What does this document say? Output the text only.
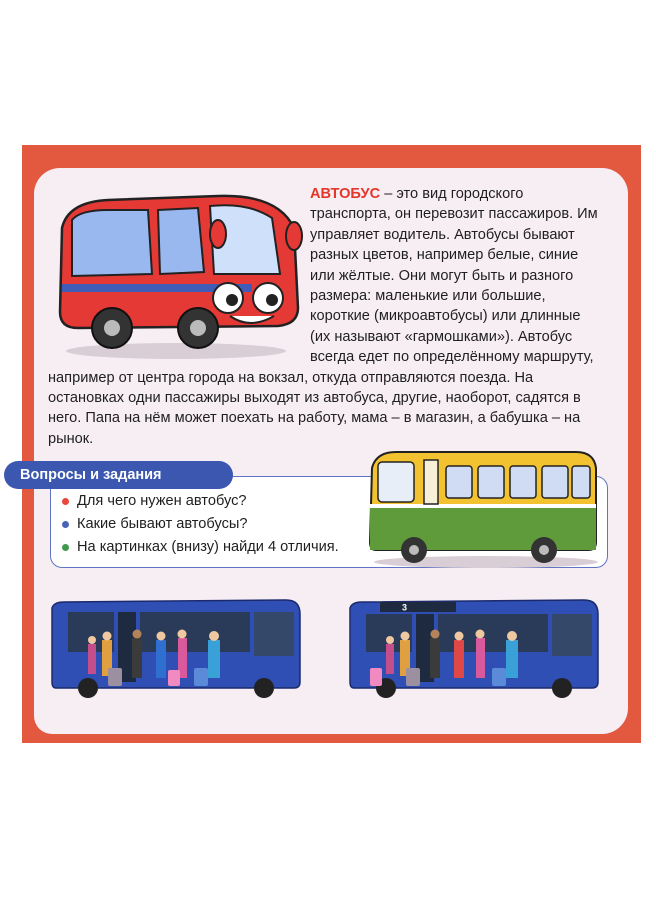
АВТОБУС – это вид городского транспорта, он перевозит пассажиров. Им управляет водитель. Автобусы бывают разных цветов, например белые, синие или жёлтые. Они могут быть и разного размера: маленькие или большие, короткие (микроавтобусы) или длинные (их называют «гармошками»). Автобус всегда едет по определённому маршруту, например от центра города на вокзал, откуда отправляются поезда. На остановках одни пассажиры выходят из автобуса, другие, наоборот, садятся в него. Папа на нём может поехать на работу, мама – в магазин, а бабушка – на рынок.
Вопросы и задания
Для чего нужен автобус?
Какие бывают автобусы?
На картинках (внизу) найди 4 отличия.
3
